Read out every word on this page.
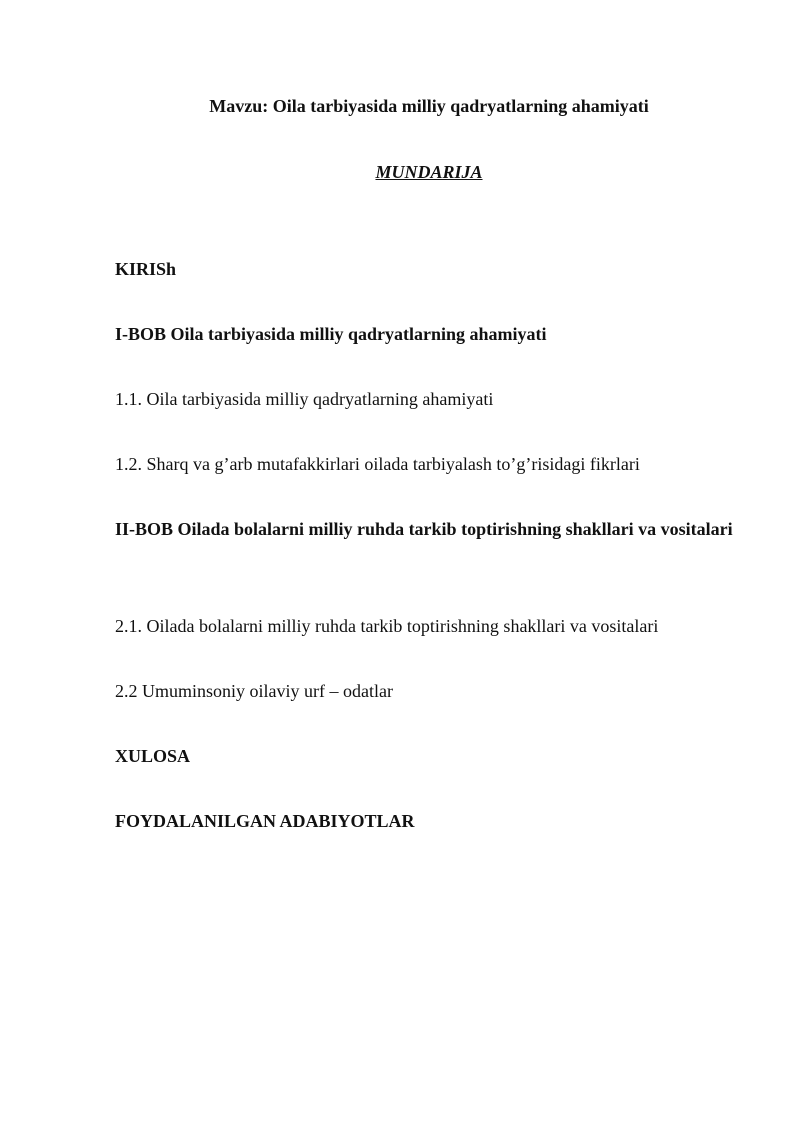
Mavzu: Oila tarbiyasida milliy qadryatlarning ahamiyati
MUNDARIJA
KIRISh
I-BOB Oila tarbiyasida milliy qadryatlarning ahamiyati
1.1. Oila tarbiyasida milliy qadryatlarning ahamiyati
1.2. Sharq va g’arb mutafakkirlari oilada tarbiyalash to’g’risidagi fikrlari
II-BOB Oilada bolalarni milliy ruhda tarkib toptirishning shakllari va vositalari
2.1. Oilada bolalarni milliy ruhda tarkib toptirishning shakllari va vositalari
2.2 Umuminsoniy oilaviy urf – odatlar
XULOSA
FOYDALANILGAN ADABIYOTLAR
